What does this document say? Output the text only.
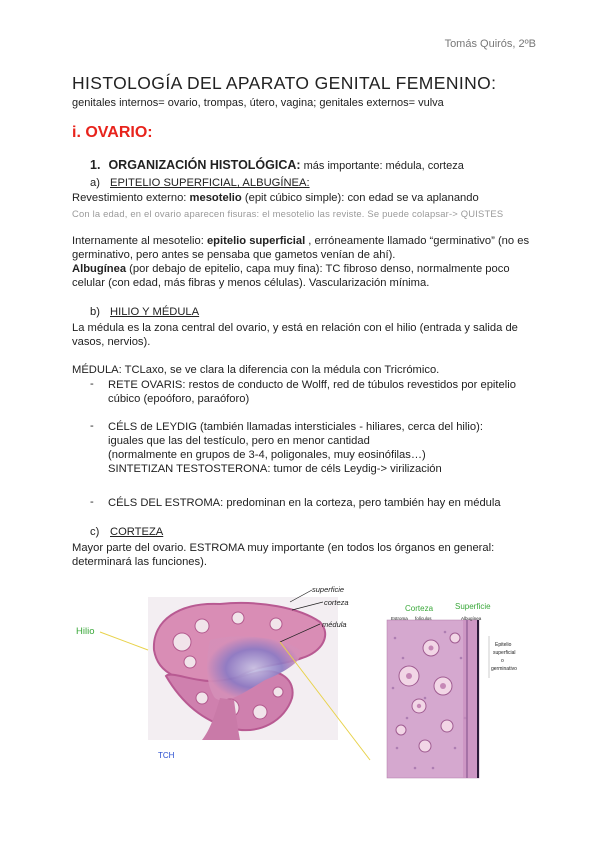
Tomás Quirós, 2ºB
HISTOLOGÍA DEL APARATO GENITAL FEMENINO:
genitales internos= ovario, trompas, útero, vagina; genitales externos= vulva
i. OVARIO:
1. ORGANIZACIÓN HISTOLÓGICA: más importante: médula, corteza
a) EPITELIO SUPERFICIAL, ALBUGÍNEA:
Revestimiento externo: mesotelio (epit cúbico simple): con edad se va aplanando
Con la edad, en el ovario aparecen fisuras: el mesotelio las reviste. Se puede colapsar-> QUISTES
Internamente al mesotelio: epitelio superficial , erróneamente llamado “germinativo” (no es
germinativo, pero antes se pensaba que gametos venían de ahí).
Albugínea (por debajo de epitelio, capa muy fina): TC fibroso denso, normalmente poco
celular (con edad, más fibras y menos células). Vascularización mínima.
b) HILIO Y MÉDULA
La médula es la zona central del ovario, y está en relación con el hilio (entrada y salida de
vasos, nervios).
MÉDULA: TCLaxo, se ve clara la diferencia con la médula con Tricrómico.
- RETE OVARIS: restos de conducto de Wolff, red de túbulos revestidos por epitelio
cúbico (epoóforo, paraóforo)
- CÉLS de LEYDIG (también llamadas intersticiales - hiliares, cerca del hilio):
iguales que las del testículo, pero en menor cantidad
(normalmente en grupos de 3-4, poligonales, muy eosinófilas…)
SINTETIZAN TESTOSTERONA: tumor de céls Leydig-> virilización
- CÉLS DEL ESTROMA: predominan en la corteza, pero también hay en médula
c) CORTEZA
Mayor parte del ovario. ESTROMA muy importante (en todos los órganos en general:
determinará las funciones).
Hilio
superficie
corteza
médula
TCH
Corteza	Superficie
Estroma folículos	Albugínea
Epitelio
superficial
o
germinativo
